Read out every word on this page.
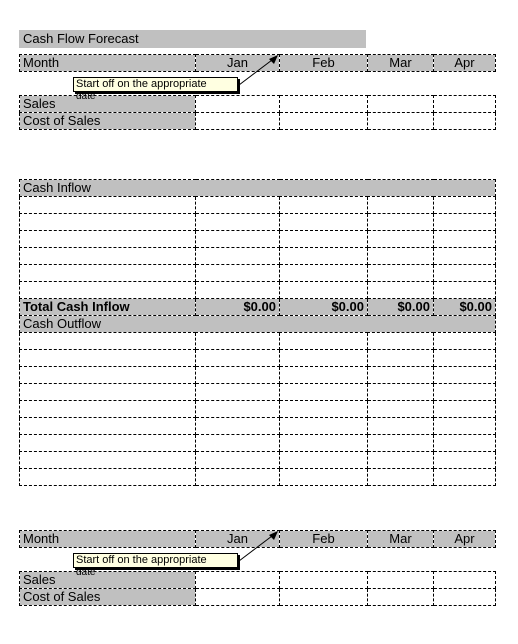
Cash Flow Forecast
Month	Jan	Feb	Mar	Apr

Sales				
Cost of Sales				
Start off on the appropriate
date
Cash Inflow				

Total Cash Inflow	$0.00	$0.00	$0.00	$0.00
Cash Outflow				

Month	Jan	Feb	Mar	Apr

Sales				
Cost of Sales				
Start off on the appropriate
date
